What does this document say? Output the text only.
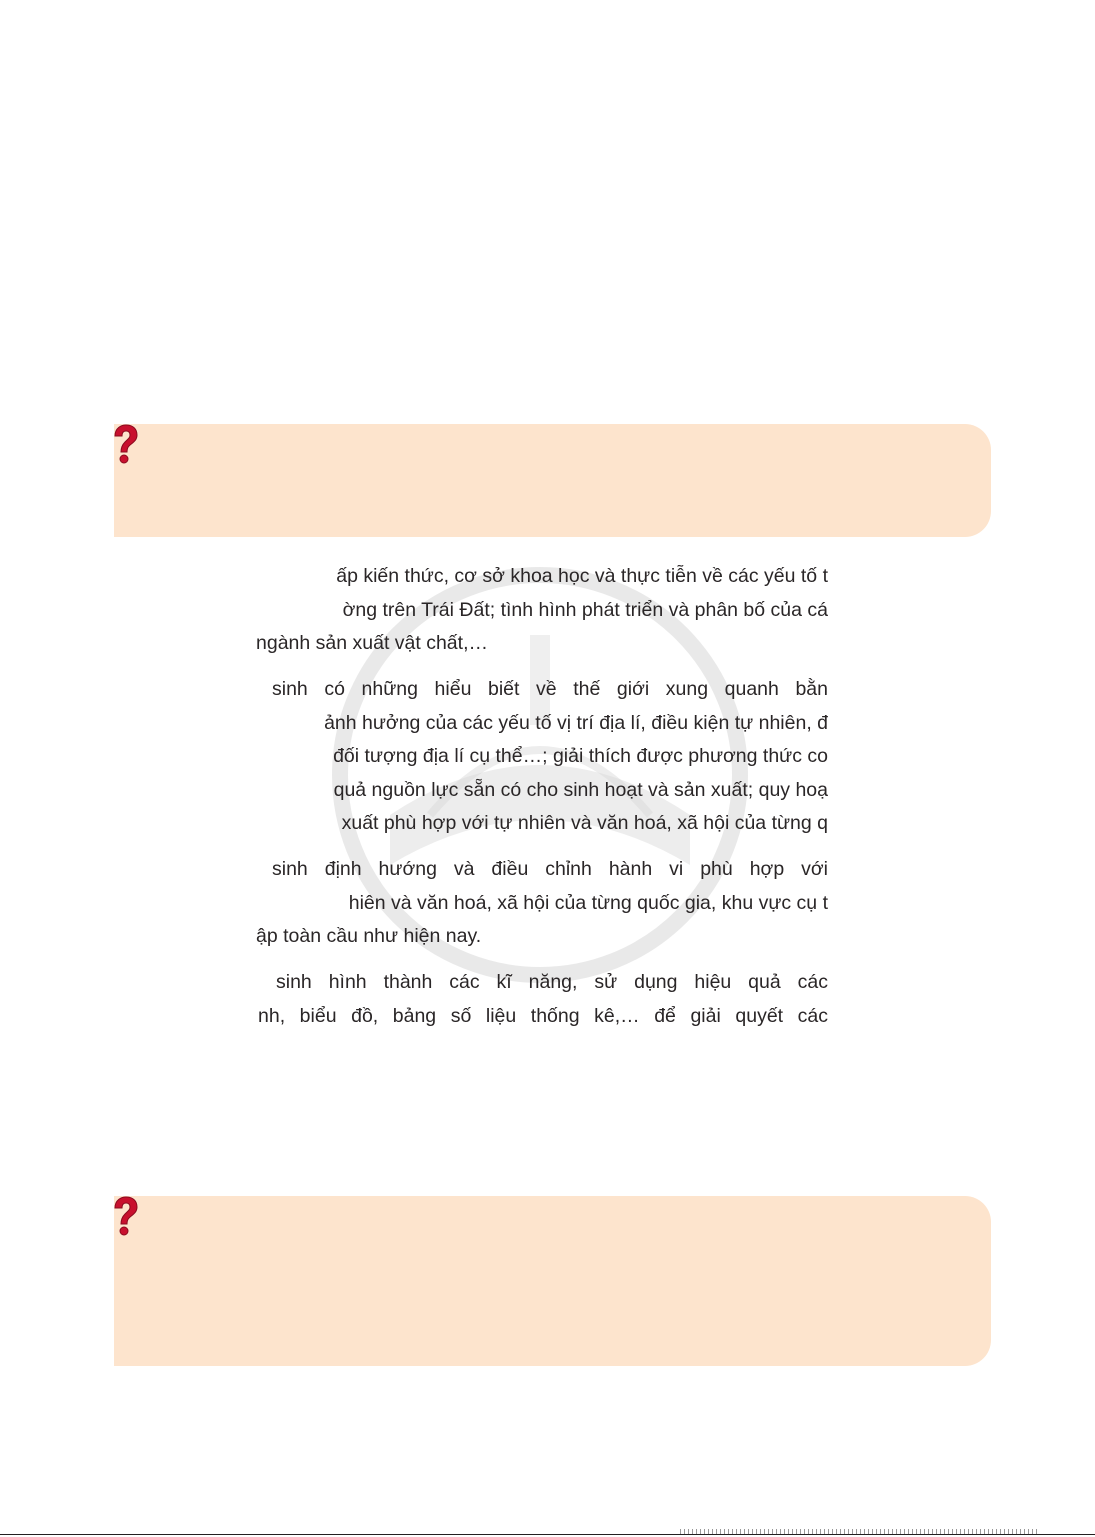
ấp kiến thức, cơ sở khoa học và thực tiễn về các yếu tố t
ờng trên Trái Đất; tình hình phát triển và phân bố của cá
ngành sản xuất vật chất,…
sinh có những hiểu biết về thế giới xung quanh bằn
ảnh hưởng của các yếu tố vị trí địa lí, điều kiện tự nhiên, đ
đối tượng địa lí cụ thể…; giải thích được phương thức co
quả nguồn lực sẵn có cho sinh hoạt và sản xuất; quy hoạ
xuất phù hợp với tự nhiên và văn hoá, xã hội của từng q
sinh định hướng và điều chỉnh hành vi phù hợp với
hiên và văn hoá, xã hội của từng quốc gia, khu vực cụ t
ập toàn cầu như hiện nay.
sinh hình thành các kĩ năng, sử dụng hiệu quả các
nh, biểu đồ, bảng số liệu thống kê,… để giải quyết các
